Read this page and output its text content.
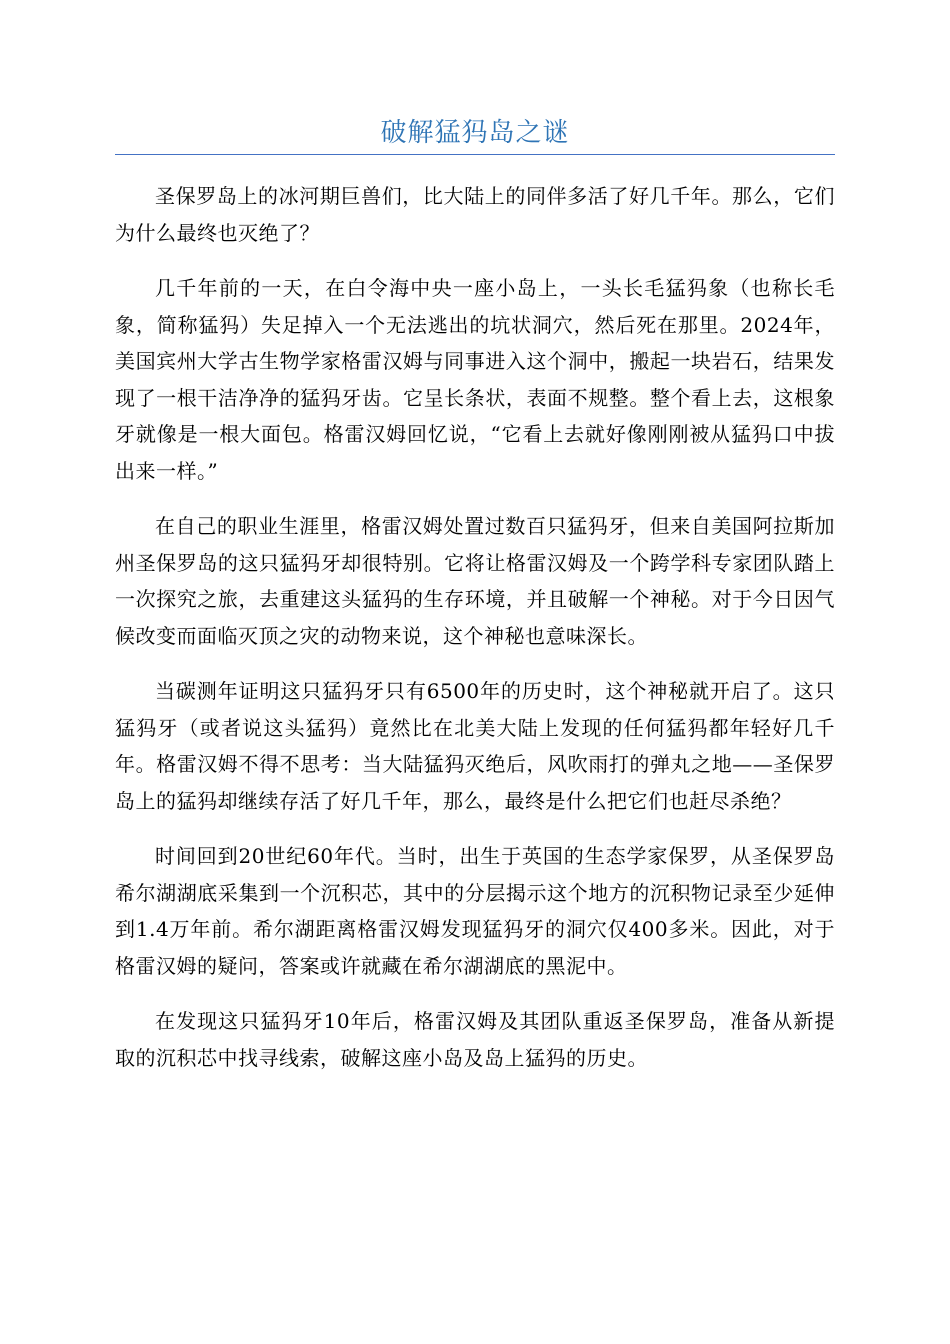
破解猛犸岛之谜

圣保罗岛上的冰河期巨兽们，比大陆上的同伴多活了好几千年。那么，它们为什么最终也灭绝了？

几千年前的一天，在白令海中央一座小岛上，一头长毛猛犸象（也称长毛象，简称猛犸）失足掉入一个无法逃出的坑状洞穴，然后死在那里。2024年，美国宾州大学古生物学家格雷汉姆与同事进入这个洞中，搬起一块岩石，结果发现了一根干洁净净的猛犸牙齿。它呈长条状，表面不规整。整个看上去，这根象牙就像是一根大面包。格雷汉姆回忆说，“它看上去就好像刚刚被从猛犸口中拔出来一样。”

在自己的职业生涯里，格雷汉姆处置过数百只猛犸牙，但来自美国阿拉斯加州圣保罗岛的这只猛犸牙却很特别。它将让格雷汉姆及一个跨学科专家团队踏上一次探究之旅，去重建这头猛犸的生存环境，并且破解一个神秘。对于今日因气候改变而面临灭顶之灾的动物来说，这个神秘也意味深长。

当碳测年证明这只猛犸牙只有6500年的历史时，这个神秘就开启了。这只猛犸牙（或者说这头猛犸）竟然比在北美大陆上发现的任何猛犸都年轻好几千年。格雷汉姆不得不思考：当大陆猛犸灭绝后，风吹雨打的弹丸之地——圣保罗岛上的猛犸却继续存活了好几千年，那么，最终是什么把它们也赶尽杀绝？

时间回到20世纪60年代。当时，出生于英国的生态学家保罗，从圣保罗岛希尔湖湖底采集到一个沉积芯，其中的分层揭示这个地方的沉积物记录至少延伸到1.4万年前。希尔湖距离格雷汉姆发现猛犸牙的洞穴仅400多米。因此，对于格雷汉姆的疑问，答案或许就藏在希尔湖湖底的黑泥中。

在发现这只猛犸牙10年后，格雷汉姆及其团队重返圣保罗岛，准备从新提取的沉积芯中找寻线索，破解这座小岛及岛上猛犸的历史。
